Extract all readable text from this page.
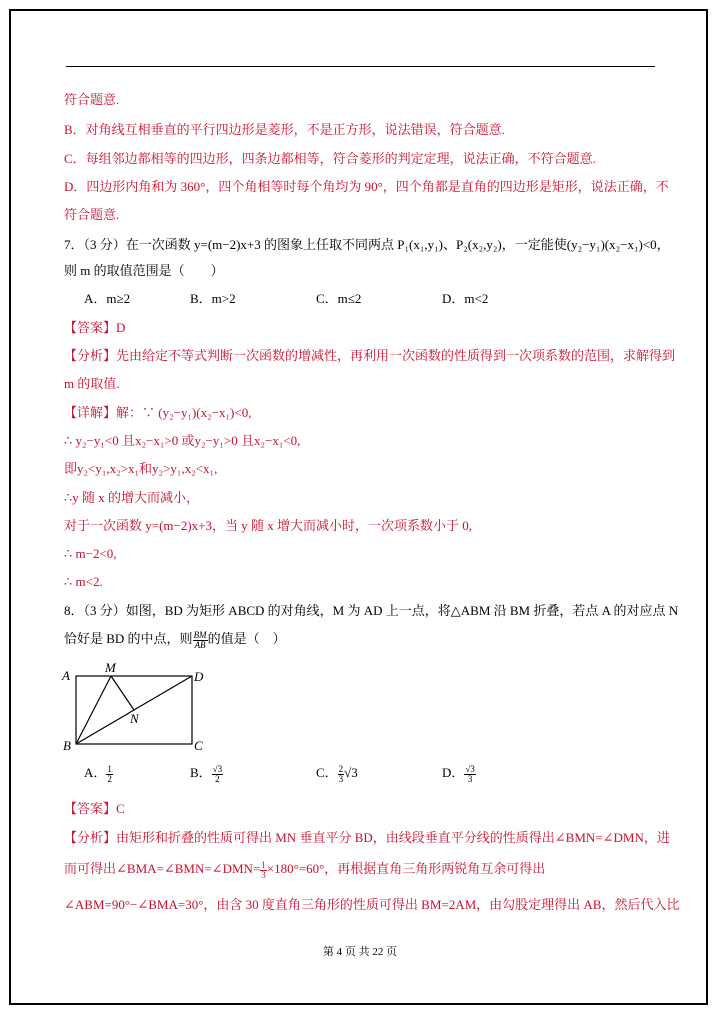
符合题意.
B．对角线互相垂直的平行四边形是菱形，不是正方形，说法错误，符合题意.
C．每组邻边都相等的四边形，四条边都相等，符合菱形的判定定理，说法正确，不符合题意.
D．四边形内角和为 360°，四个角相等时每个角均为 90°，四个角都是直角的四边形是矩形，说法正确，不
符合题意.
7．（3 分）在一次函数 y=(m−2)x+3 的图象上任取不同两点 P₁(x₁,y₁)、P₂(x₂,y₂)，一定能使(y₂−y₁)(x₂−x₁)<0，
则 m 的取值范围是（　　）
A．m≥2	B．m>2	C．m≤2	D．m<2
【答案】D
【分析】先由给定不等式判断一次函数的增减性，再利用一次函数的性质得到一次项系数的范围，求解得到
m 的取值.
【详解】解：∵ (y₂−y₁)(x₂−x₁)<0,
∴ y₂−y₁<0 且x₂−x₁>0 或y₂−y₁>0 且x₂−x₁<0,
即y₂<y₁,x₂>x₁和y₂>y₁,x₂<x₁,
∴y 随 x 的增大而减小，
对于一次函数 y=(m−2)x+3，当 y 随 x 增大而减小时，一次项系数小于 0,
∴ m−2<0,
∴ m<2.
8．（3 分）如图，BD 为矩形 ABCD 的对角线，M 为 AD 上一点，将△ABM 沿 BM 折叠，若点 A 的对应点 N
恰好是 BD 的中点，则 $\frac{BM}{AB}$ 的值是（　）
A
B	C
D
M
N
A． $\frac{1}{2}$	B． $\frac{√3}{2}$	C． $\frac{2}{3} √3$	D． $\frac{√3}{3}$
【答案】C
【分析】由矩形和折叠的性质可得出 MN 垂直平分 BD，由线段垂直平分线的性质得出∠BMN=∠DMN，进
而可得出∠BMA=∠BMN=∠DMN= $\frac{1}{3} \times 180^\circ=60^\circ$，再根据直角三角形两锐角互余可得出
∠ABM=90°−∠BMA=30°，由含 30 度直角三角形的性质可得出 BM=2AM，由勾股定理得出 AB，然后代入比
第 4 页 共 22 页
